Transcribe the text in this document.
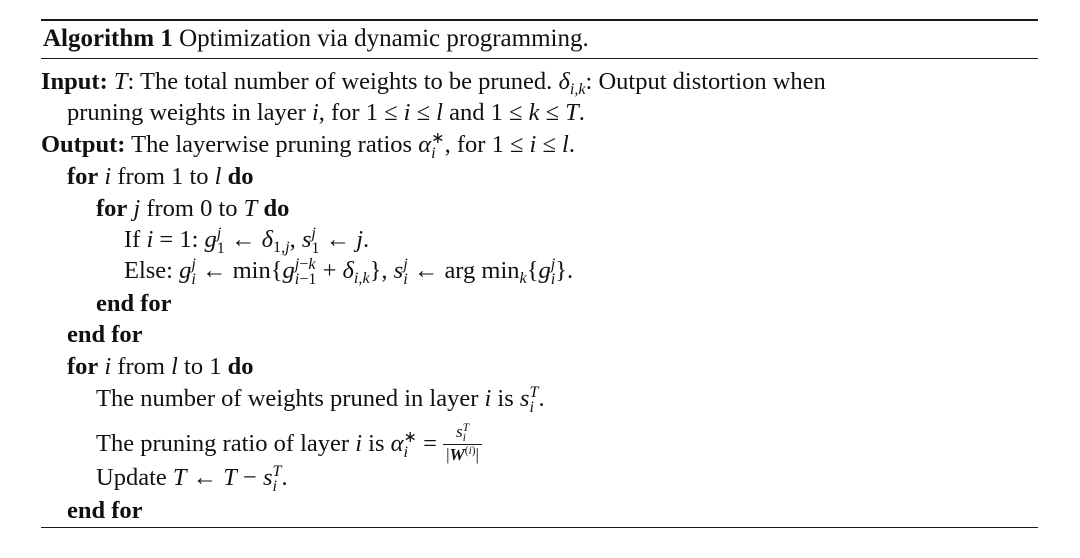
Algorithm 1 Optimization via dynamic programming.
Input: T: The total number of weights to be pruned. δi,k: Output distortion when
pruning weights in layer i, for 1 ≤ i ≤ l and 1 ≤ k ≤ T.
Output: The layerwise pruning ratios α∗
i , for 1 ≤ i ≤ l.
for i from 1 to l do
for j from 0 to T do
If i = 1: gj
1 ← δ1,j, sj
1 ← j.
Else: gj
i ← min{gj−k
i−1 + δi,k}, sj
i ← arg mink{gj
i}.
end for
end for
for i from l to 1 do
The number of weights pruned in layer i is sT
i .
The pruning ratio of layer i is α∗
i = sT
i
$|W^{(i)}|$
Update T ← T − sT
i .
end for
